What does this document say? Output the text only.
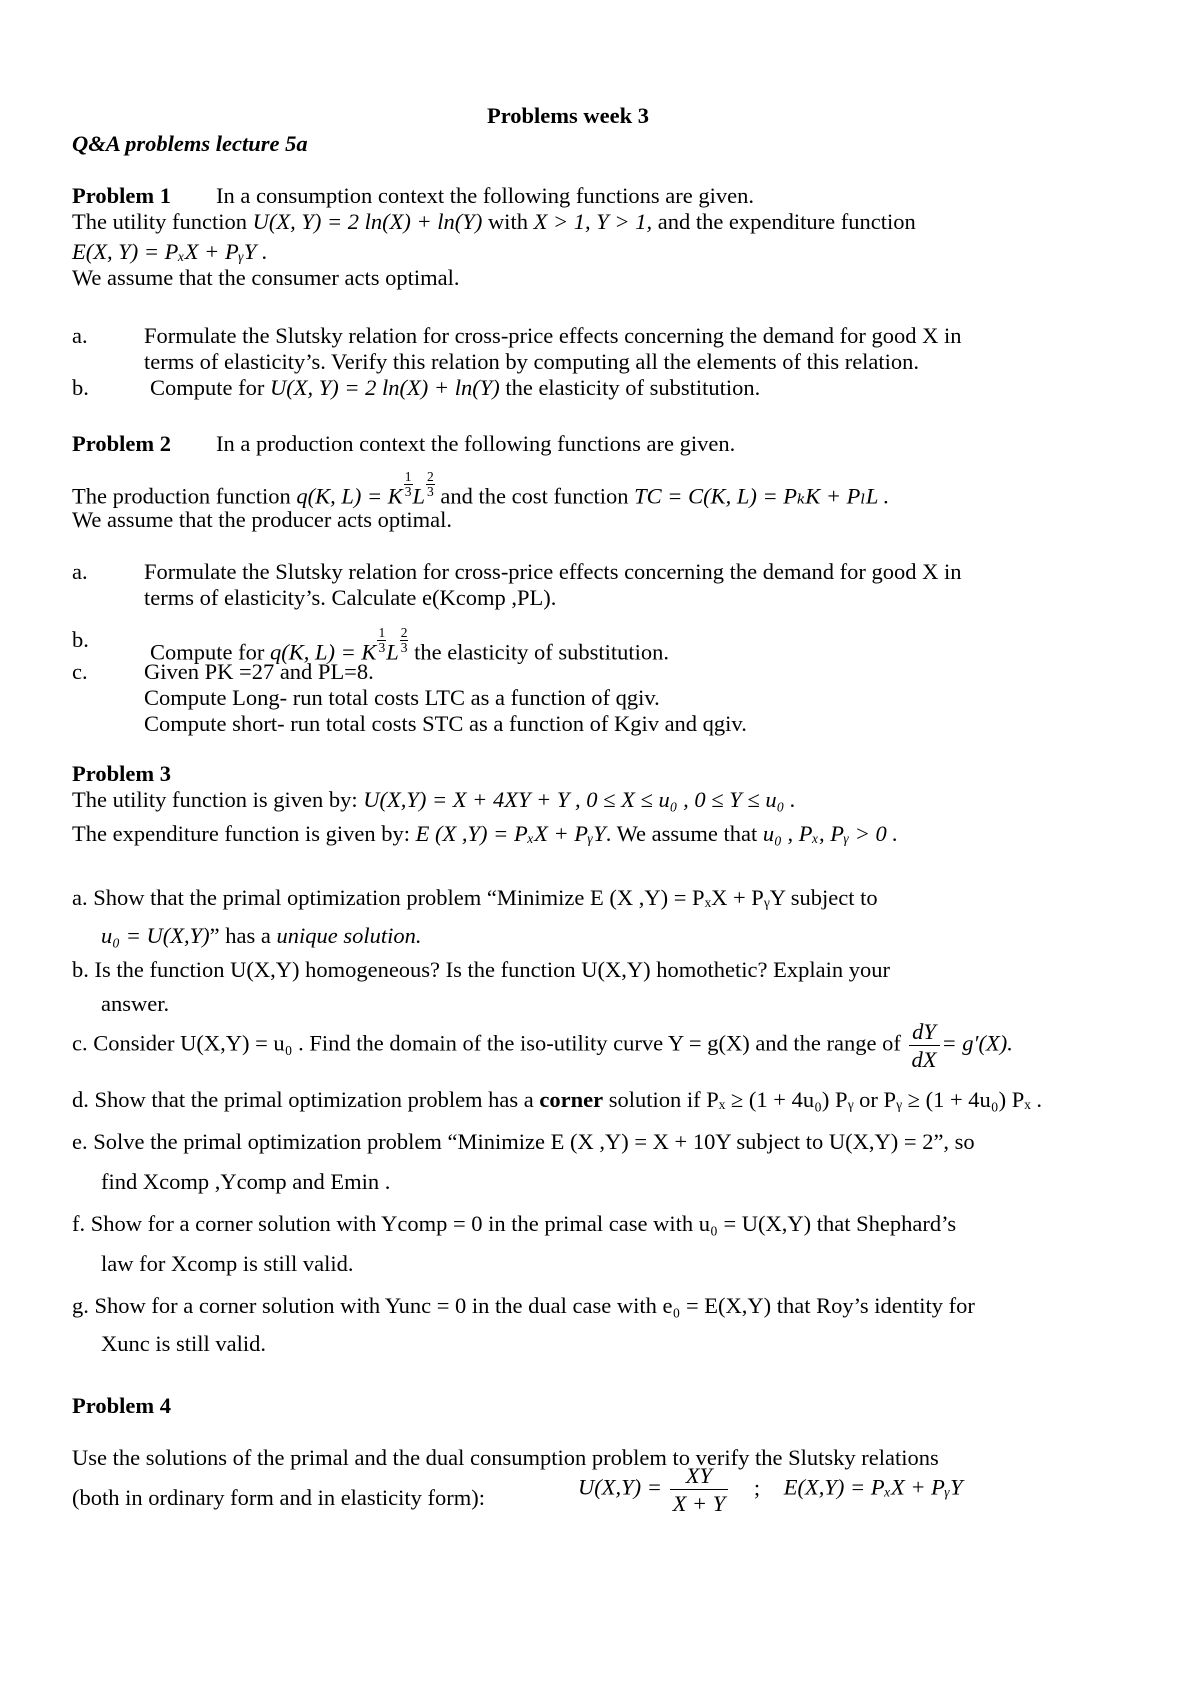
Problems week 3
Q&A problems lecture 5a
Problem 1 In a consumption context the following functions are given.
The utility function U(X, Y) = 2 ln(X) + ln(Y) with X > 1, Y > 1, and the expenditure function
E(X, Y) = PₓX + PᵧY .
We assume that the consumer acts optimal.
a.	Formulate the Slutsky relation for cross-price effects concerning the demand for good X in
terms of elasticity’s. Verify this relation by computing all the elements of this relation.
b.	Compute for U(X, Y) = 2 ln(X) + ln(Y) the elasticity of substitution.
Problem 2 In a production context the following functions are given.
The production function q(K, L) = K $\frac{1}{3}$ L $\frac{2}{3}$ and the cost function TC = C(K, L) = PₖK + PₗL .
We assume that the producer acts optimal.
a.	Formulate the Slutsky relation for cross-price effects concerning the demand for good X in
terms of elasticity’s. Calculate e(Kcomp ,PL).
b.
Compute for q(K, L) = K $\frac{1}{3}$ L $\frac{2}{3}$ the elasticity of substitution.
c.	Given PK =27 and PL=8.
Compute Long- run total costs LTC as a function of qgiv.
Compute short- run total costs STC as a function of Kgiv and qgiv.
Problem 3
The utility function is given by: U(X,Y) = X + 4XY + Y , 0 ≤ X ≤ u₀ , 0 ≤ Y ≤ u₀ .
The expenditure function is given by: E (X ,Y) = PₓX + PᵧY. We assume that u₀ , Pₓ, Pᵧ > 0 .
a. Show that the primal optimization problem “Minimize E (X ,Y) = PₓX + PᵧY subject to
u₀ = U(X,Y)” has a unique solution.
b. Is the function U(X,Y) homogeneous? Is the function U(X,Y) homothetic? Explain your
answer.
c. Consider U(X,Y) = u₀ . Find the domain of the iso-utility curve Y = g(X) and the range of $\frac{dY}{dX} = g'(X)$.
d. Show that the primal optimization problem has a corner solution if Pₓ ≥ (1 + 4u₀) Pᵧ or Pᵧ ≥ (1 + 4u₀) Pₓ .
e. Solve the primal optimization problem “Minimize E (X ,Y) = X + 10Y subject to U(X,Y) = 2”, so
find Xcomp ,Ycomp and Emin .
f. Show for a corner solution with Ycomp = 0 in the primal case with u₀ = U(X,Y) that Shephard’s
law for Xcomp is still valid.
g. Show for a corner solution with Yunc = 0 in the dual case with e₀ = E(X,Y) that Roy’s identity for
Xunc is still valid.
Problem 4
Use the solutions of the primal and the dual consumption problem to verify the Slutsky relations
(both in ordinary form and in elasticity form):	$U(X,Y) = \frac{XY}{X + Y}$ ; E(X,Y) = PₓX + PᵧY
